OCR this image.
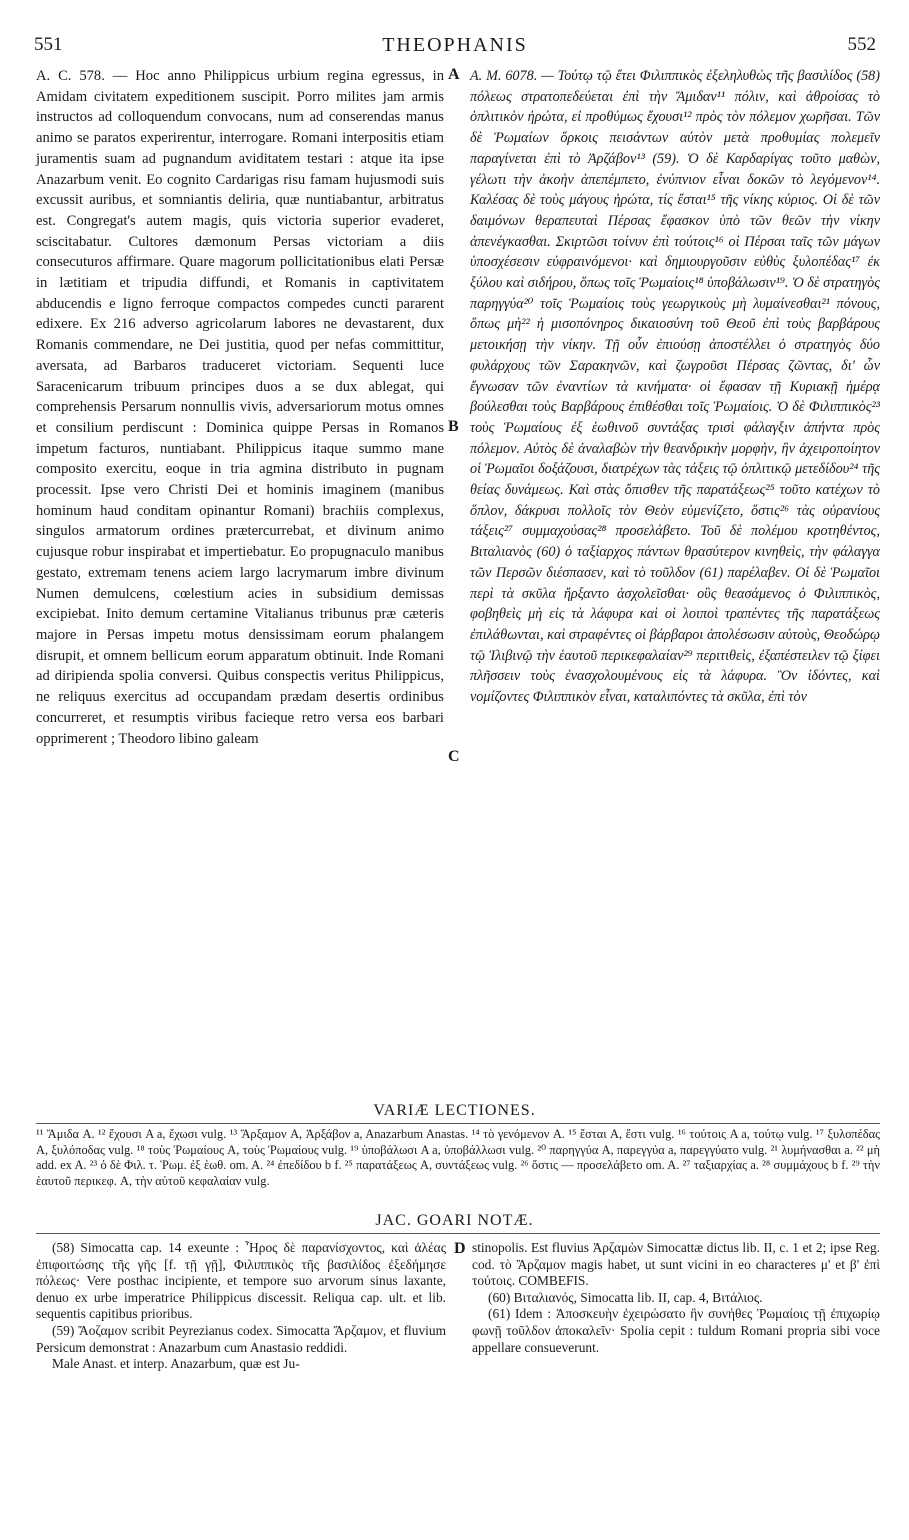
551	THEOPHANIS	552

A. C. 578. — Hoc anno Philippicus urbium regina egressus, in Amidam civitatem expeditionem suscipit. Porro milites jam armis instructos ad colloquendum convocans, num ad conserendas manus animo se paratos experirentur, interrogare. Romani interpositis etiam juramentis suam ad pugnandum aviditatem testari : atque ita ipse Anazarbum venit. Eo cognito Cardarigas risu famam hujusmodi suis excussit auribus, et somniantis deliria, quæ nuntiabantur, arbitratus est. Congregat's autem magis, quis victoria superior evaderet, sciscitabatur. Cultores dæmonum Persas victoriam a diis consecuturos affirmare. Quare magorum pollicitationibus elati Persæ in lætitiam et tripudia diffundi, et Romanis in captivitatem abducendis e ligno ferroque compactos compedes cuncti pararent edixere. Ex 216 adverso agricolarum labores ne devastarent, dux Romanis commendare, ne Dei justitia, quod per nefas committitur, aversata, ad Barbaros traduceret victoriam. Sequenti luce Saracenicarum tribuum principes duos a se dux ablegat, qui comprehensis Persarum nonnullis vivis, adversariorum motus omnes et consilium perdiscunt : Dominica quippe Persas in Romanos impetum facturos, nuntiabant. Philippicus itaque summo mane composito exercitu, eoque in tria agmina distributo in pugnam processit. Ipse vero Christi Dei et hominis imaginem (manibus hominum haud conditam opinantur Romani) brachiis complexus, singulos armatorum ordines prætercurrebat, et divinum animo cujusque robur inspirabat et impertiebatur. Eo propugnaculo manibus gestato, extremam tenens aciem largo lacrymarum imbre divinum Numen demulcens, cœlestium acies in subsidium demissas excipiebat. Inito demum certamine Vitalianus tribunus præ cæteris majore in Persas impetu motus densissimam eorum phalangem disrupit, et omnem bellicum eorum apparatum obtinuit. Inde Romani ad diripienda spolia conversi. Quibus conspectis veritus Philippicus, ne reliquus exercitus ad occupandam prædam desertis ordinibus concurreret, et resumptis viribus facieque retro versa eos barbari opprimerent ; Theodoro libino galeam

A
B
C
D

A. M. 6078. — Τούτῳ τῷ ἔτει Φιλιππικὸς ἐξεληλυθὼς τῆς βασιλίδος (58) πόλεως στρατοπεδεύεται ἐπὶ τὴν Ἄμιδαν¹¹ πόλιν, καὶ ἀθροίσας τὸ ὁπλιτικὸν ἠρώτα, εἰ προθύμως ἔχουσι¹² πρὸς τὸν πόλεμον χωρῆσαι. Τῶν δὲ Ῥωμαίων ὅρκοις πεισάντων αὐτὸν μετὰ προθυμίας πολεμεῖν παραγίνεται ἐπὶ τὸ Ἀρζάβον¹³ (59). Ὁ δὲ Καρδαρίγας τοῦτο μαθὼν, γέλωτι τὴν ἀκοὴν ἀπεπέμπετο, ἐνύπνιον εἶναι δοκῶν τὸ λεγόμενον¹⁴. Καλέσας δὲ τοὺς μάγους ἠρώτα, τίς ἔσται¹⁵ τῆς νίκης κύριος. Οἱ δὲ τῶν δαιμόνων θεραπευταὶ Πέρσας ἔφασκον ὑπὸ τῶν θεῶν τὴν νίκην ἀπενέγκασθαι. Σκιρτῶσι τοίνυν ἐπὶ τούτοις¹⁶ οἱ Πέρσαι ταῖς τῶν μάγων ὑποσχέσεσιν εὐφραινόμενοι· καὶ δημιουργοῦσιν εὐθὺς ξυλοπέδας¹⁷ ἐκ ξύλου καὶ σιδήρου, ὅπως τοῖς Ῥωμαίοις¹⁸ ὑποβάλωσιν¹⁹. Ὁ δὲ στρατηγὸς παρηγγύα²⁰ τοῖς Ῥωμαίοις τοὺς γεωργικοὺς μὴ λυμαίνεσθαι²¹ πόνους, ὅπως μὴ²² ἡ μισοπόνηρος δικαιοσύνη τοῦ Θεοῦ ἐπὶ τοὺς βαρβάρους μετοικήσῃ τὴν νίκην. Τῇ οὖν ἐπιούσῃ ἀποστέλλει ὁ στρατηγὸς δύο φυλάρχους τῶν Σαρακηνῶν, καὶ ζωγροῦσι Πέρσας ζῶντας, δι' ὧν ἔγνωσαν τῶν ἐναντίων τὰ κινήματα· οἱ ἔφασαν τῇ Κυριακῇ ἡμέρᾳ βούλεσθαι τοὺς Βαρβάρους ἐπιθέσθαι τοῖς Ῥωμαίοις. Ὁ δὲ Φιλιππικὸς²³ τοὺς Ῥωμαίους ἐξ ἑωθινοῦ συντάξας τρισὶ φάλαγξιν ἀπήντα πρὸς πόλεμον. Αὐτὸς δὲ ἀναλαβὼν τὴν θεανδρικὴν μορφὴν, ἣν ἀχειροποίητον οἱ Ῥωμαῖοι δοξάζουσι, διατρέχων τὰς τάξεις τῷ ὁπλιτικῷ μετεδίδου²⁴ τῆς θείας δυνάμεως. Καὶ στὰς ὄπισθεν τῆς παρατάξεως²⁵ τοῦτο κατέχων τὸ ὅπλον, δάκρυσι πολλοῖς τὸν Θεὸν εὐμενίζετο, ὅστις²⁶ τὰς οὐρανίους τάξεις²⁷ συμμαχούσας²⁸ προσελάβετο. Τοῦ δὲ πολέμου κροτηθέντος, Βιταλιανὸς (60) ὁ ταξίαρχος πάντων θρασύτερον κινηθεὶς, τὴν φάλαγγα τῶν Περσῶν διέσπασεν, καὶ τὸ τοῦλδον (61) παρέλαβεν. Οἱ δὲ Ῥωμαῖοι περὶ τὰ σκῦλα ἤρξαντο ἀσχολεῖσθαι· οὓς θεασάμενος ὁ Φιλιππικὸς, φοβηθεὶς μὴ εἰς τὰ λάφυρα καὶ οἱ λοιποὶ τραπέντες τῆς παρατάξεως ἐπιλάθωνται, καὶ στραφέντες οἱ βάρβαροι ἀπολέσωσιν αὐτοὺς, Θεοδώρῳ τῷ Ἰλιβινῷ τὴν ἑαυτοῦ περικεφαλαίαν²⁹ περιτιθεὶς, ἐξαπέστειλεν τῷ ξίφει πλῆσσειν τοὺς ἐνασχολουμένους εἰς τὰ λάφυρα. Ὃν ἰδόντες, καὶ νομίζοντες Φιλιππικὸν εἶναι, καταλιπόντες τὰ σκῦλα, ἐπὶ τὸν

VARIÆ LECTIONES.

¹¹ Ἄμιδα A. ¹² ἔχουσι A a, ἔχωσι vulg. ¹³ Ἄρξαμον A, Ἀρξάβον a, Anazarbum Anastas. ¹⁴ τὸ γενόμενον A. ¹⁵ ἔσται A, ἔστι vulg. ¹⁶ τούτοις A a, τούτῳ vulg. ¹⁷ ξυλοπέδας A, ξυλόποδας vulg. ¹⁸ τοὺς Ῥωμαίους A, τοὺς Ῥωμαίους vulg. ¹⁹ ὑποβάλωσι A a, ὑποβάλλωσι vulg. ²⁰ παρηγγύα A, παρεγγύα a, παρεγγύατο vulg. ²¹ λυμήνασθαι a. ²² μὴ add. ex A. ²³ ὁ δὲ Φιλ. τ. Ῥωμ. ἐξ ἑωθ. om. A. ²⁴ ἐπεδίδου b f. ²⁵ παρατάξεως A, συντάξεως vulg. ²⁶ ὅστις — προσελάβετο om. A. ²⁷ ταξιαρχίας a. ²⁸ συμμάχους b f. ²⁹ τὴν ἑαυτοῦ περικεφ. A, τὴν αὐτοῦ κεφαλαίαν vulg.

JAC. GOARI NOTÆ.

(58) Simocatta cap. 14 exeunte : Ἦρος δὲ παρανίσχοντος, καὶ ἀλέας ἐπιφοιτώσης τῆς γῆς [f. τῇ γῇ], Φιλιππικὸς τῆς βασιλίδος ἐξεδήμησε πόλεως· Vere posthac incipiente, et tempore suo arvorum sinus laxante, denuo ex urbe imperatrice Philippicus discessit. Reliqua cap. ult. et lib. sequentis capitibus prioribus.

(59) Ἄοζαμον scribit Peyrezianus codex. Simocatta Ἄρζαμον, et fluvium Persicum demonstrat : Anazarbum cum Anastasio reddidi.

Male Anast. et interp. Anazarbum, quæ est Ju-

stinopolis. Est fluvius Ἀρζαμὼν Simocattæ dictus lib. II, c. 1 et 2; ipse Reg. cod. τὸ Ἄρζαμον magis habet, ut sunt vicini in eo characteres μ' et β' ἐπὶ τούτοις. COMBEFIS.

(60) Βιταλιανός, Simocatta lib. II, cap. 4, Βιτάλιος.

(61) Idem : Ἀποσκευὴν ἐχειρώσατο ἣν συνήθες Ῥωμαίοις τῇ ἐπιχωρίῳ φωνῇ τοῦλδον ἀποκαλεῖν· Spolia cepit : tuldum Romani propria sibi voce appellare consueverunt.
